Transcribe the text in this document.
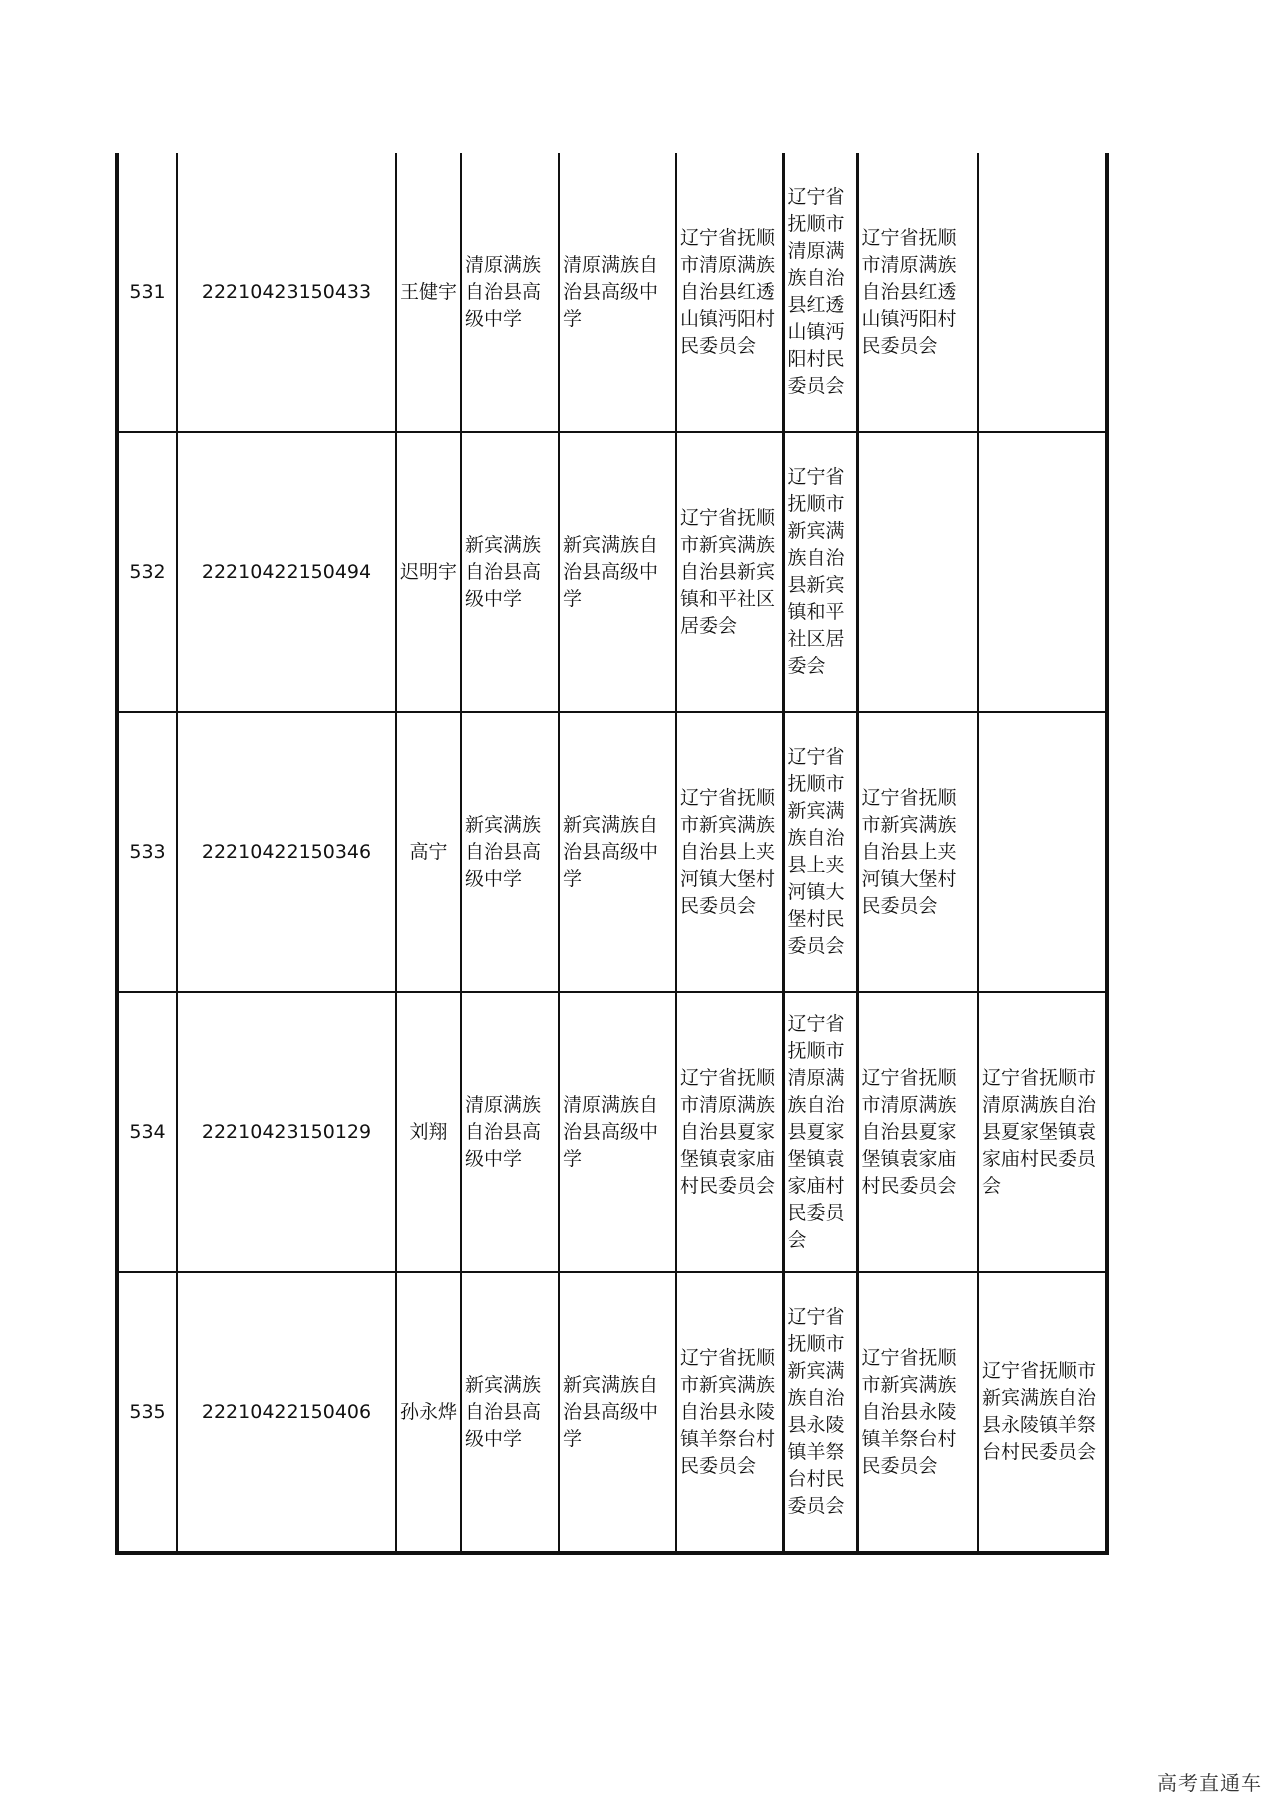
531	22210423150433	王健宇	清原满族自治县高级中学	清原满族自治县高级中学	辽宁省抚顺市清原满族自治县红透山镇沔阳村民委员会	辽宁省抚顺市清原满族自治县红透山镇沔阳村民委员会	辽宁省抚顺市清原满族自治县红透山镇沔阳村民委员会	
532	22210422150494	迟明宇	新宾满族自治县高级中学	新宾满族自治县高级中学	辽宁省抚顺市新宾满族自治县新宾镇和平社区居委会	辽宁省抚顺市新宾满族自治县新宾镇和平社区居委会		
533	22210422150346	高宁	新宾满族自治县高级中学	新宾满族自治县高级中学	辽宁省抚顺市新宾满族自治县上夹河镇大堡村民委员会	辽宁省抚顺市新宾满族自治县上夹河镇大堡村民委员会	辽宁省抚顺市新宾满族自治县上夹河镇大堡村民委员会	
534	22210423150129	刘翔	清原满族自治县高级中学	清原满族自治县高级中学	辽宁省抚顺市清原满族自治县夏家堡镇袁家庙村民委员会	辽宁省抚顺市清原满族自治县夏家堡镇袁家庙村民委员会	辽宁省抚顺市清原满族自治县夏家堡镇袁家庙村民委员会	辽宁省抚顺市清原满族自治县夏家堡镇袁家庙村民委员会
535	22210422150406	孙永烨	新宾满族自治县高级中学	新宾满族自治县高级中学	辽宁省抚顺市新宾满族自治县永陵镇羊祭台村民委员会	辽宁省抚顺市新宾满族自治县永陵镇羊祭台村民委员会	辽宁省抚顺市新宾满族自治县永陵镇羊祭台村民委员会	辽宁省抚顺市新宾满族自治县永陵镇羊祭台村民委员会
高考直通车
